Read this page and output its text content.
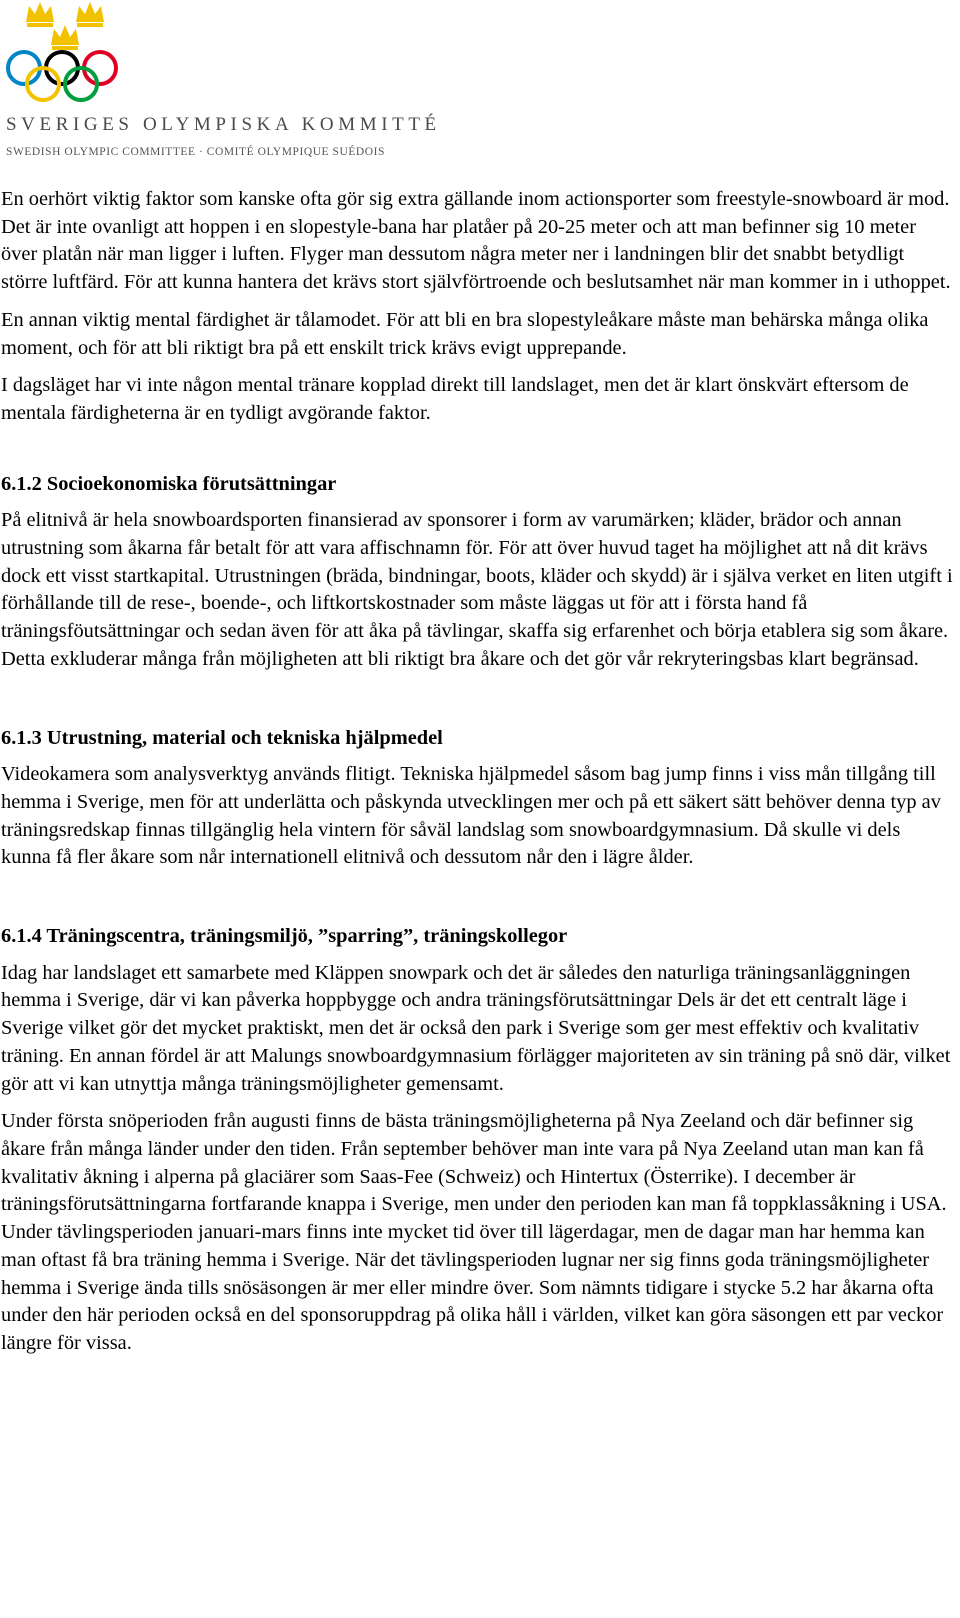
SVERIGES OLYMPISKA KOMMITTÉ
SWEDISH OLYMPIC COMMITTEE · COMITÉ OLYMPIQUE SUÉDOIS

En oerhört viktig faktor som kanske ofta gör sig extra gällande inom actionsporter som freestyle-snowboard är mod. Det är inte ovanligt att hoppen i en slopestyle-bana har platåer på 20-25 meter och att man befinner sig 10 meter över platån när man ligger i luften. Flyger man dessutom några meter ner i landningen blir det snabbt betydligt större luftfärd. För att kunna hantera det krävs stort självförtroende och beslutsamhet när man kommer in i uthoppet.

En annan viktig mental färdighet är tålamodet. För att bli en bra slopestyleåkare måste man behärska många olika moment, och för att bli riktigt bra på ett enskilt trick krävs evigt upprepande.

I dagsläget har vi inte någon mental tränare kopplad direkt till landslaget, men det är klart önskvärt eftersom de mentala färdigheterna är en tydligt avgörande faktor.

6.1.2 Socioekonomiska förutsättningar

På elitnivå är hela snowboardsporten finansierad av sponsorer i form av varumärken; kläder, brädor och annan utrustning som åkarna får betalt för att vara affischnamn för. För att över huvud taget ha möjlighet att nå dit krävs dock ett visst startkapital. Utrustningen (bräda, bindningar, boots, kläder och skydd) är i själva verket en liten utgift i förhållande till de rese-, boende-, och liftkortskostnader som måste läggas ut för att i första hand få träningsföutsättningar och sedan även för att åka på tävlingar, skaffa sig erfarenhet och börja etablera sig som åkare. Detta exkluderar många från möjligheten att bli riktigt bra åkare och det gör vår rekryteringsbas klart begränsad.

6.1.3 Utrustning, material och tekniska hjälpmedel

Videokamera som analysverktyg används flitigt. Tekniska hjälpmedel såsom bag jump finns i viss mån tillgång till hemma i Sverige, men för att underlätta och påskynda utvecklingen mer och på ett säkert sätt behöver denna typ av träningsredskap finnas tillgänglig hela vintern för såväl landslag som snowboardgymnasium. Då skulle vi dels kunna få fler åkare som når internationell elitnivå och dessutom når den i lägre ålder.

6.1.4 Träningscentra, träningsmiljö, ”sparring”, träningskollegor

Idag har landslaget ett samarbete med Kläppen snowpark och det är således den naturliga träningsanläggningen hemma i Sverige, där vi kan påverka hoppbygge och andra träningsförutsättningar Dels är det ett centralt läge i Sverige vilket gör det mycket praktiskt, men det är också den park i Sverige som ger mest effektiv och kvalitativ träning. En annan fördel är att Malungs snowboardgymnasium förlägger majoriteten av sin träning på snö där, vilket gör att vi kan utnyttja många träningsmöjligheter gemensamt.

Under första snöperioden från augusti finns de bästa träningsmöjligheterna på Nya Zeeland och där befinner sig åkare från många länder under den tiden. Från september behöver man inte vara på Nya Zeeland utan man kan få kvalitativ åkning i alperna på glaciärer som Saas-Fee (Schweiz) och Hintertux (Österrike). I december är träningsförutsättningarna fortfarande knappa i Sverige, men under den perioden kan man få toppklassåkning i USA. Under tävlingsperioden januari-mars finns inte mycket tid över till lägerdagar, men de dagar man har hemma kan man oftast få bra träning hemma i Sverige. När det tävlingsperioden lugnar ner sig finns goda träningsmöjligheter hemma i Sverige ända tills snösäsongen är mer eller mindre över. Som nämnts tidigare i stycke 5.2 har åkarna ofta under den här perioden också en del sponsoruppdrag på olika håll i världen, vilket kan göra säsongen ett par veckor längre för vissa.
